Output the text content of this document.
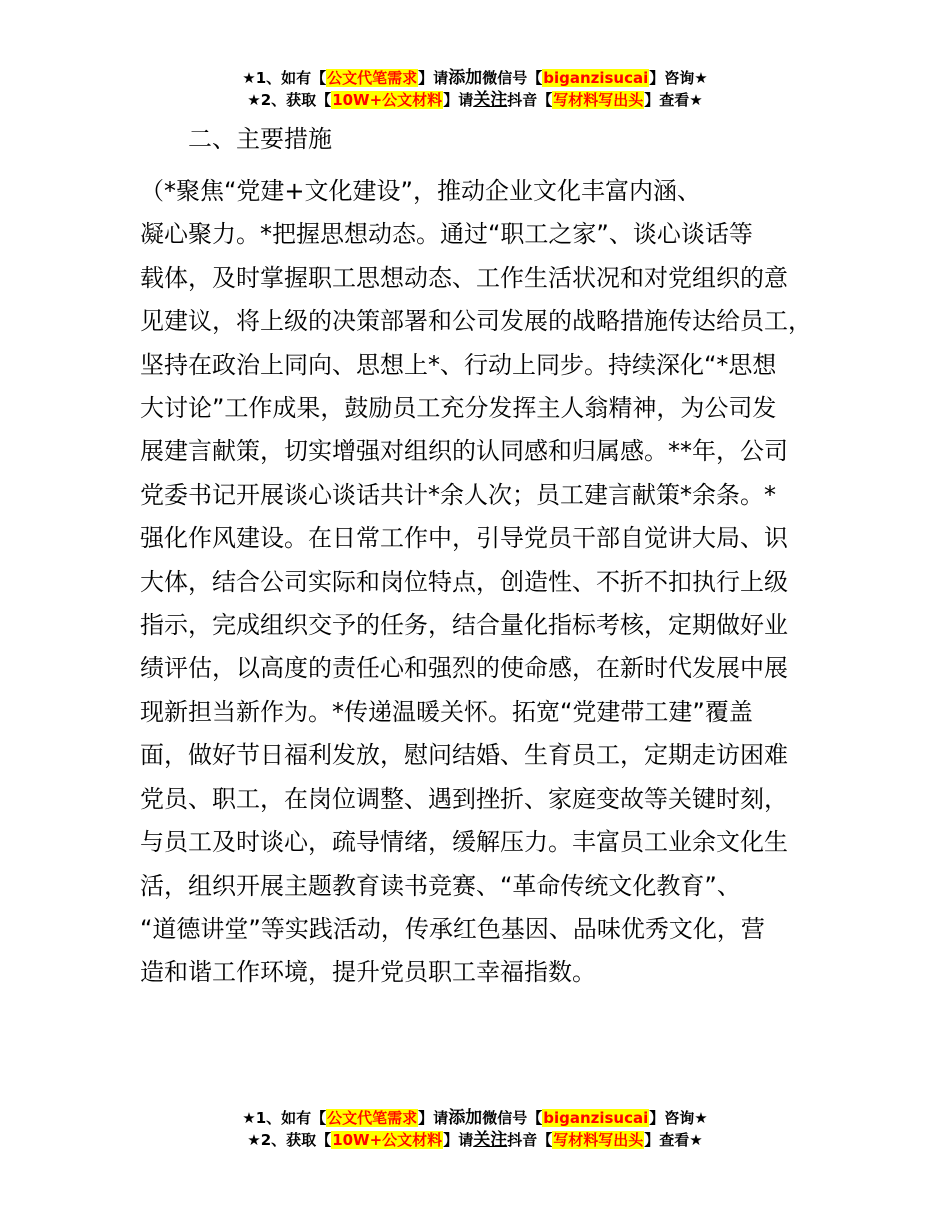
★1、如有【公文代笔需求】请添加微信号【biganzisucai】咨询★
★2、获取【10W+公文材料】请关注抖音【写材料写出头】查看★
二、主要措施
（*聚焦“党建+文化建设”，推动企业文化丰富内涵、
凝心聚力。*把握思想动态。通过“职工之家”、谈心谈话等
载体，及时掌握职工思想动态、工作生活状况和对党组织的意
见建议，将上级的决策部署和公司发展的战略措施传达给员工，
坚持在政治上同向、思想上*、行动上同步。持续深化“*思想
大讨论”工作成果，鼓励员工充分发挥主人翁精神，为公司发
展建言献策，切实增强对组织的认同感和归属感。**年，公司
党委书记开展谈心谈话共计*余人次；员工建言献策*余条。*
强化作风建设。在日常工作中，引导党员干部自觉讲大局、识
大体，结合公司实际和岗位特点，创造性、不折不扣执行上级
指示，完成组织交予的任务，结合量化指标考核，定期做好业
绩评估，以高度的责任心和强烈的使命感，在新时代发展中展
现新担当新作为。*传递温暖关怀。拓宽“党建带工建”覆盖
面，做好节日福利发放，慰问结婚、生育员工，定期走访困难
党员、职工，在岗位调整、遇到挫折、家庭变故等关键时刻，
与员工及时谈心，疏导情绪，缓解压力。丰富员工业余文化生
活，组织开展主题教育读书竞赛、“革命传统文化教育”、
“道德讲堂”等实践活动，传承红色基因、品味优秀文化，营
造和谐工作环境，提升党员职工幸福指数。
★1、如有【公文代笔需求】请添加微信号【biganzisucai】咨询★
★2、获取【10W+公文材料】请关注抖音【写材料写出头】查看★
